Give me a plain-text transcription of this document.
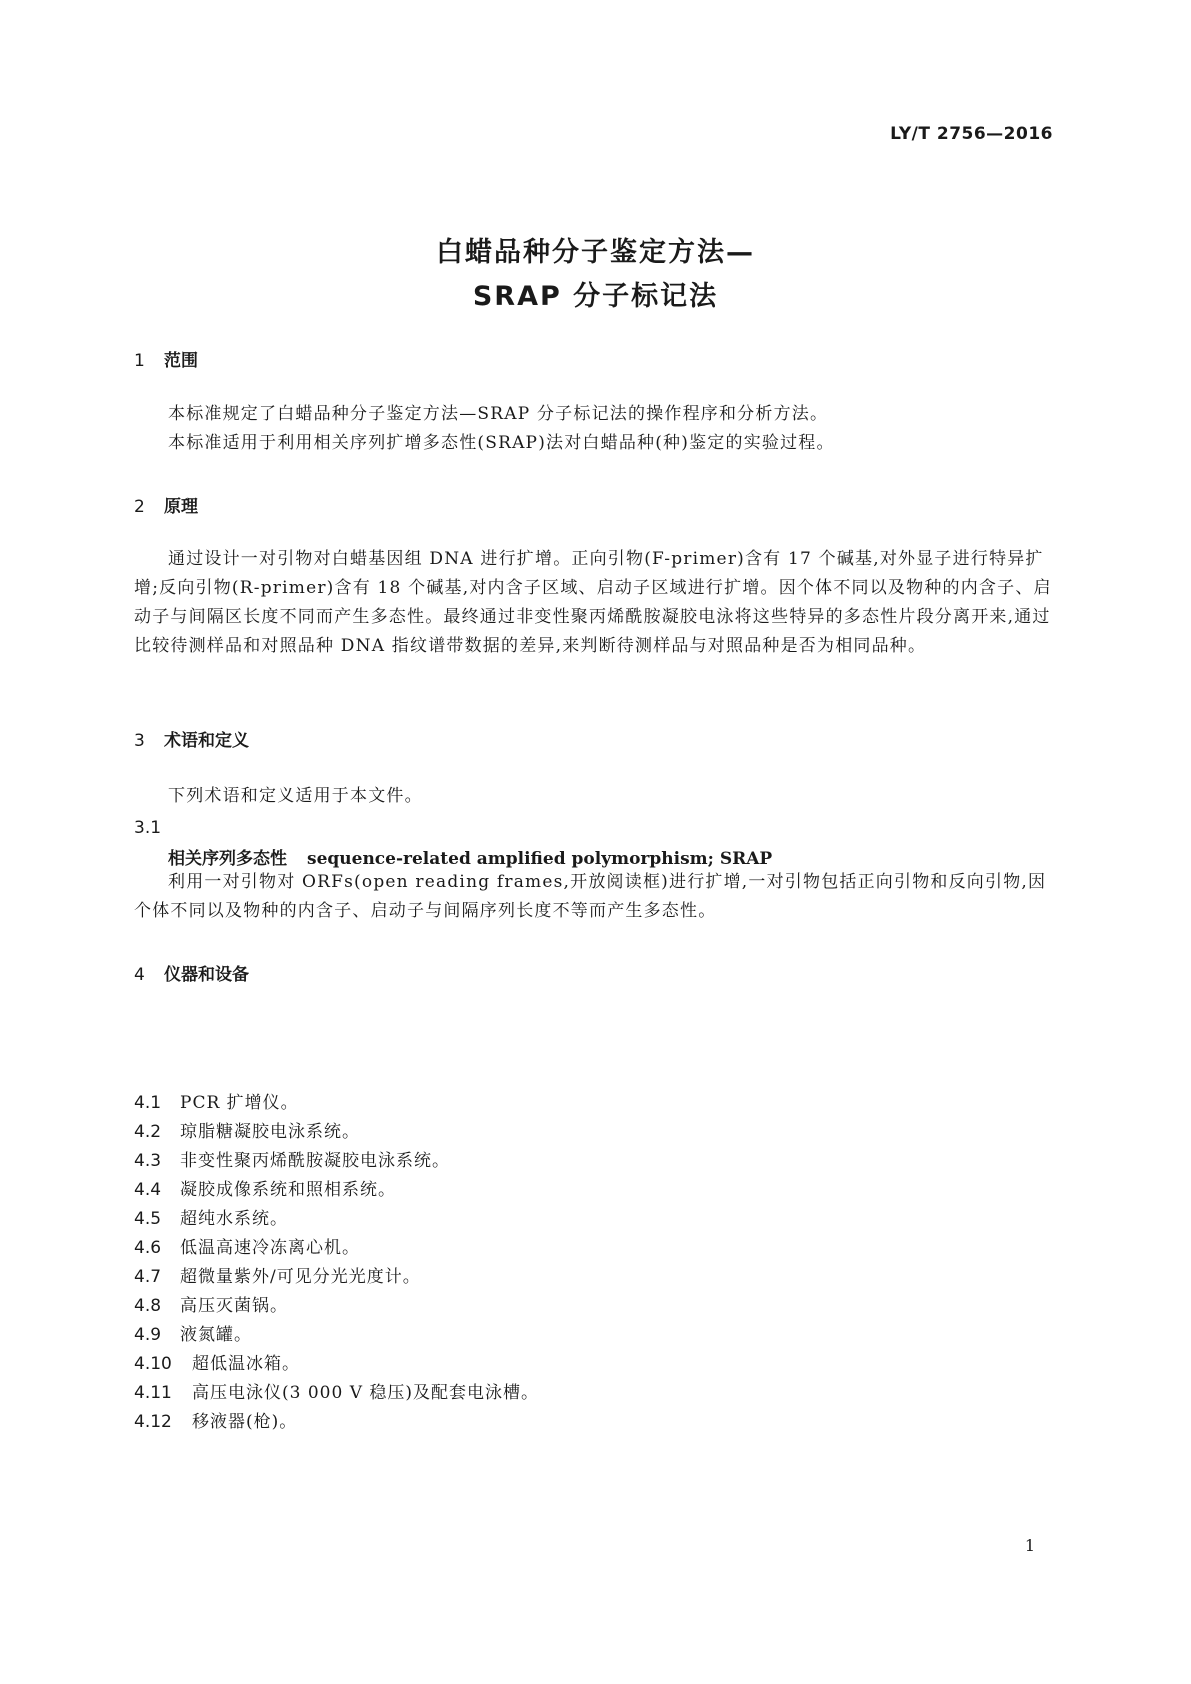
LY/T 2756—2016
白蜡品种分子鉴定方法—
SRAP 分子标记法
1 范围

本标准规定了白蜡品种分子鉴定方法—SRAP 分子标记法的操作程序和分析方法。

本标准适用于利用相关序列扩增多态性(SRAP)法对白蜡品种(种)鉴定的实验过程。

2 原理

通过设计一对引物对白蜡基因组 DNA 进行扩增。正向引物(F-primer)含有 17 个碱基,对外显子进行特异扩增;反向引物(R-primer)含有 18 个碱基,对内含子区域、启动子区域进行扩增。因个体不同以及物种的内含子、启动子与间隔区长度不同而产生多态性。最终通过非变性聚丙烯酰胺凝胶电泳将这些特异的多态性片段分离开来,通过比较待测样品和对照品种 DNA 指纹谱带数据的差异,来判断待测样品与对照品种是否为相同品种。

3 术语和定义

下列术语和定义适用于本文件。

3.1
相关序列多态性 sequence-related amplified polymorphism; SRAP

利用一对引物对 ORFs(open reading frames,开放阅读框)进行扩增,一对引物包括正向引物和反向引物,因个体不同以及物种的内含子、启动子与间隔序列长度不等而产生多态性。

4 仪器和设备
4.1 PCR 扩增仪。
4.2 琼脂糖凝胶电泳系统。
4.3 非变性聚丙烯酰胺凝胶电泳系统。
4.4 凝胶成像系统和照相系统。
4.5 超纯水系统。
4.6 低温高速冷冻离心机。
4.7 超微量紫外/可见分光光度计。
4.8 高压灭菌锅。
4.9 液氮罐。
4.10 超低温冰箱。
4.11 高压电泳仪(3 000 V 稳压)及配套电泳槽。
4.12 移液器(枪)。
1
